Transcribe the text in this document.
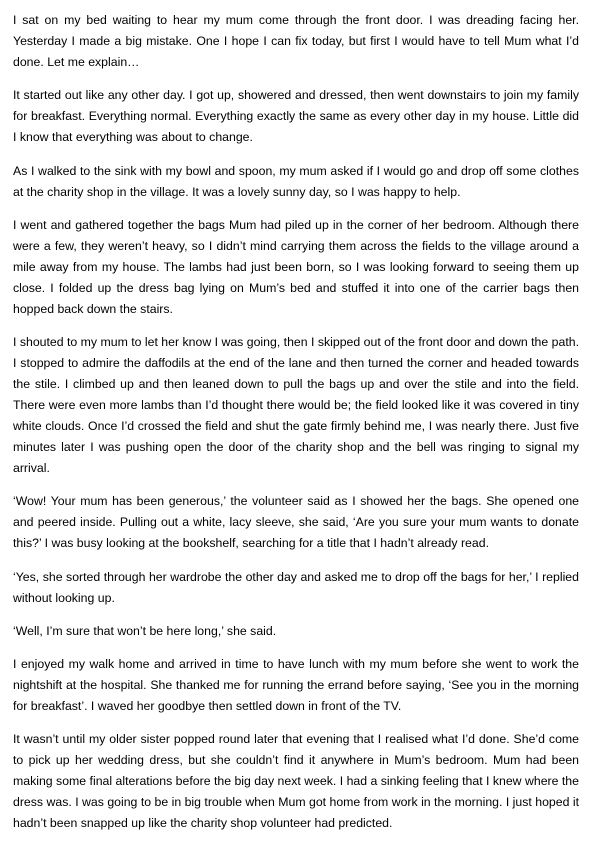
I sat on my bed waiting to hear my mum come through the front door. I was dreading facing her. Yesterday I made a big mistake. One I hope I can fix today, but first I would have to tell Mum what I’d done. Let me explain…

It started out like any other day. I got up, showered and dressed, then went downstairs to join my family for breakfast. Everything normal. Everything exactly the same as every other day in my house. Little did I know that everything was about to change.

As I walked to the sink with my bowl and spoon, my mum asked if I would go and drop off some clothes at the charity shop in the village. It was a lovely sunny day, so I was happy to help.

I went and gathered together the bags Mum had piled up in the corner of her bedroom. Although there were a few, they weren’t heavy, so I didn’t mind carrying them across the fields to the village around a mile away from my house. The lambs had just been born, so I was looking forward to seeing them up close. I folded up the dress bag lying on Mum’s bed and stuffed it into one of the carrier bags then hopped back down the stairs.

I shouted to my mum to let her know I was going, then I skipped out of the front door and down the path. I stopped to admire the daffodils at the end of the lane and then turned the corner and headed towards the stile. I climbed up and then leaned down to pull the bags up and over the stile and into the field. There were even more lambs than I’d thought there would be; the field looked like it was covered in tiny white clouds. Once I’d crossed the field and shut the gate firmly behind me, I was nearly there. Just five minutes later I was pushing open the door of the charity shop and the bell was ringing to signal my arrival.

‘Wow! Your mum has been generous,’ the volunteer said as I showed her the bags. She opened one and peered inside. Pulling out a white, lacy sleeve, she said, ‘Are you sure your mum wants to donate this?’ I was busy looking at the bookshelf, searching for a title that I hadn’t already read.

‘Yes, she sorted through her wardrobe the other day and asked me to drop off the bags for her,’ I replied without looking up.

‘Well, I’m sure that won’t be here long,’ she said.

I enjoyed my walk home and arrived in time to have lunch with my mum before she went to work the nightshift at the hospital. She thanked me for running the errand before saying, ‘See you in the morning for breakfast’. I waved her goodbye then settled down in front of the TV.

It wasn’t until my older sister popped round later that evening that I realised what I’d done. She’d come to pick up her wedding dress, but she couldn’t find it anywhere in Mum’s bedroom. Mum had been making some final alterations before the big day next week. I had a sinking feeling that I knew where the dress was. I was going to be in big trouble when Mum got home from work in the morning. I just hoped it hadn’t been snapped up like the charity shop volunteer had predicted.
